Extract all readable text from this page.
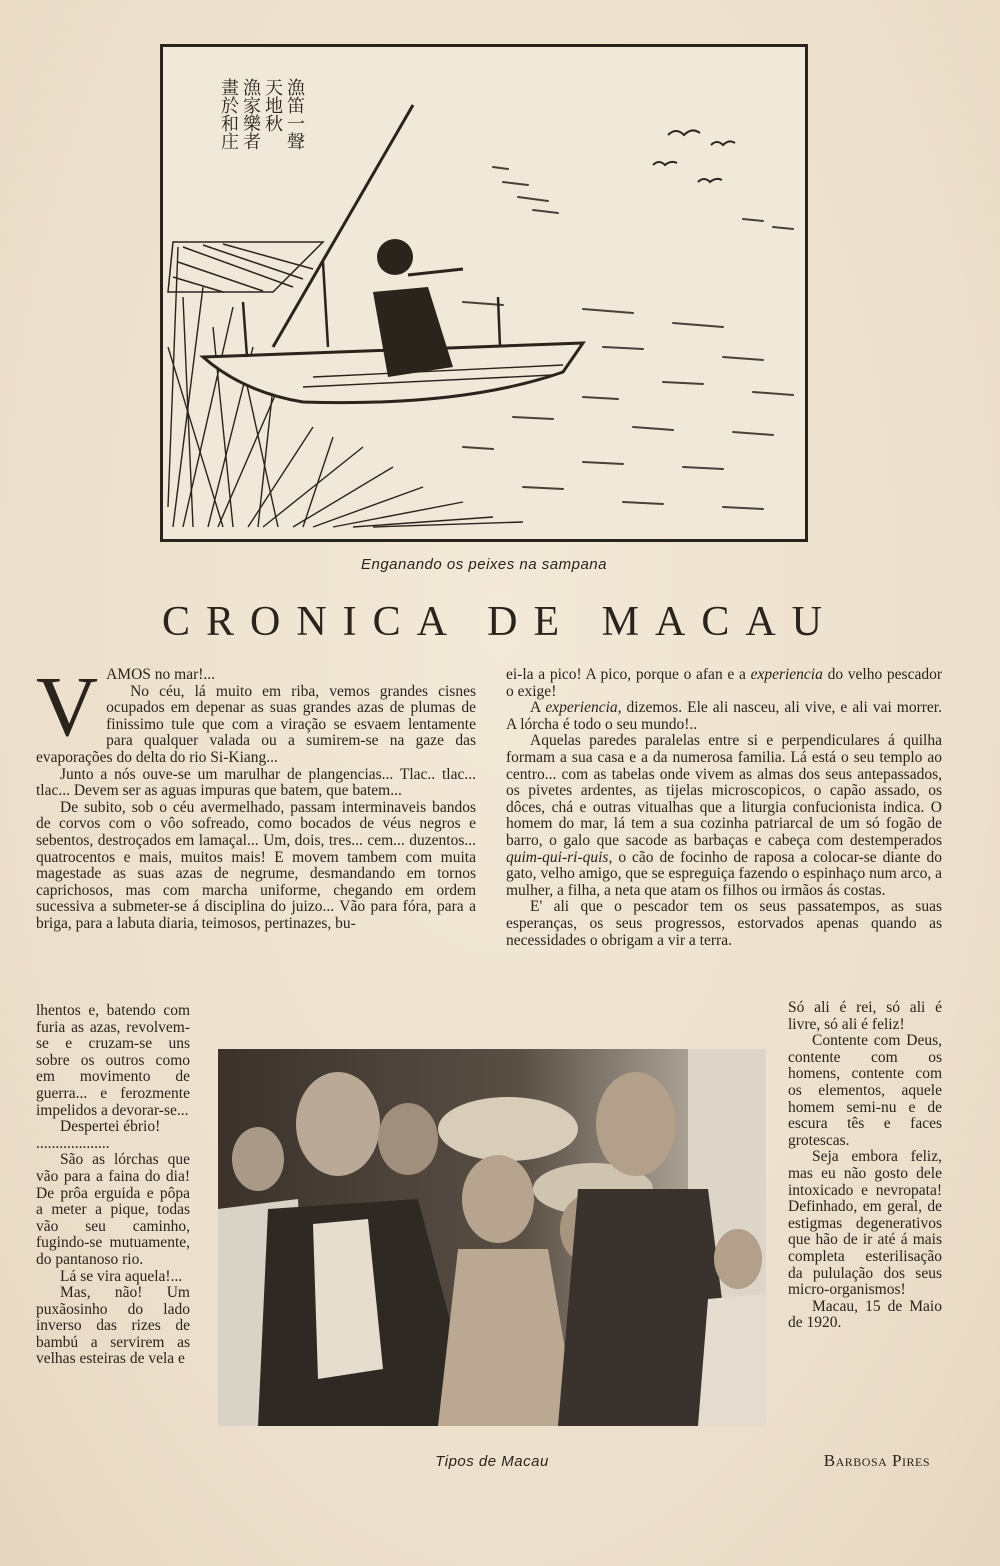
漁笛一聲
天地秋
漁家樂者
畫於和庄
Enganando os peixes na sampana
CRONICA DE MACAU
V AMOS no mar!...

No céu, lá muito em riba, vemos grandes cisnes ocupados em depenar as suas grandes azas de plumas de finissimo tule que com a viração se esvaem lentamente para qualquer valada ou a sumirem-se na gaze das evaporações do delta do rio Si-Kiang...

Junto a nós ouve-se um marulhar de plangencias... Tlac.. tlac... tlac... Devem ser as aguas impuras que batem, que batem...

De subito, sob o céu avermelhado, passam interminaveis bandos de corvos com o vôo sofreado, como bocados de véus negros e sebentos, destroçados em lamaçal... Um, dois, tres... cem... duzentos... quatrocentos e mais, muitos mais! E movem tambem com muita magestade as suas azas de negrume, desmandando em tornos caprichosos, mas com marcha uniforme, chegando em ordem sucessiva a submeter-se á disciplina do juizo... Vão para fóra, para a briga, para a labuta diaria, teimosos, pertinazes, bu-

ei-la a pico! A pico, porque o afan e a experiencia do velho pescador o exige!

A experiencia, dizemos. Ele ali nasceu, ali vive, e ali vai morrer. A lórcha é todo o seu mundo!..

Aquelas paredes paralelas entre si e perpendiculares á quilha formam a sua casa e a da numerosa familia. Lá está o seu templo ao centro... com as tabelas onde vivem as almas dos seus antepassados, os pivetes ardentes, as tijelas microscopicos, o capão assado, os dôces, chá e outras vitualhas que a liturgia confucionista indica. O homem do mar, lá tem a sua cozinha patriarcal de um só fogão de barro, o galo que sacode as barbaças e cabeça com destemperados quim-qui-ri-quis, o cão de focinho de raposa a colocar-se diante do gato, velho amigo, que se espreguiça fazendo o espinhaço num arco, a mulher, a filha, a neta que atam os filhos ou irmãos ás costas.

E' ali que o pescador tem os seus passatempos, as suas esperanças, os seus progressos, estorvados apenas quando as necessidades o obrigam a vir a terra.

lhentos e, batendo com furia as azas, revolvem-se e cruzam-se uns sobre os outros como em movimento de guerra... e ferozmente impelidos a devorar-se...

Despertei ébrio!

...................

São as lórchas que vão para a faina do dia! De prôa erguida e pôpa a meter a pique, todas vão seu caminho, fugindo-se mutuamente, do pantanoso rio.

Lá se vira aquela!...

Mas, não! Um puxãosinho do lado inverso das rizes de bambú a servirem as velhas esteiras de vela e

Só ali é rei, só ali é livre, só ali é feliz!

Contente com Deus, contente com os homens, contente com os elementos, aquele homem semi-nu e de escura tês e faces grotescas.

Seja embora feliz, mas eu não gosto dele intoxicado e nevropata! Definhado, em geral, de estigmas degenerativos que hão de ir até á mais completa esterilisação da pululação dos seus micro-organismos!

Macau, 15 de Maio de 1920.

Tipos de Macau	Barbosa Pires
